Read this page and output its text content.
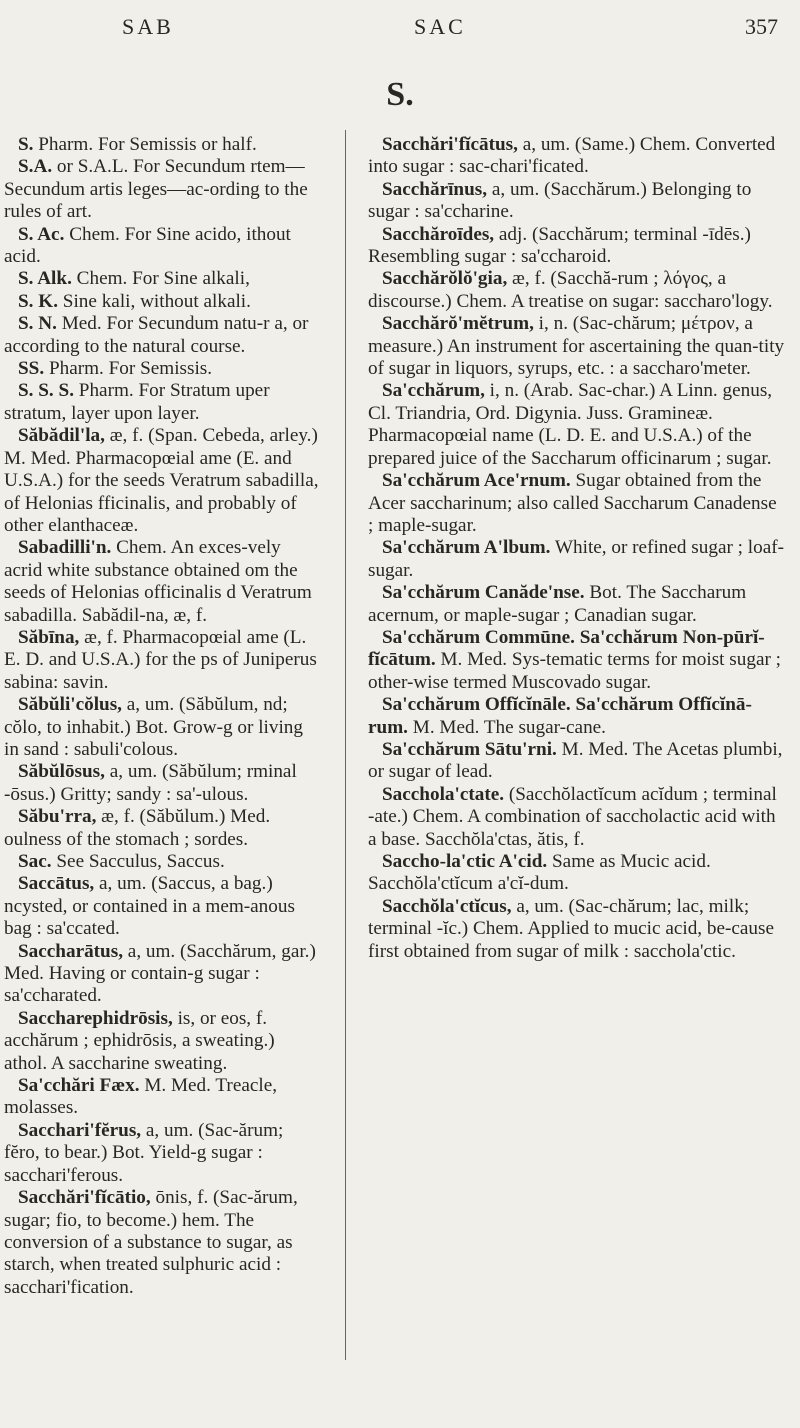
SAB	SAC	357
S.

S. Pharm. For Semissis or half.

S.A. or S.A.L. For Secundum rtem—Secundum artis leges—ac-ording to the rules of art.

S. Ac. Chem. For Sine acido, ithout acid.

S. Alk. Chem. For Sine alkali,

S. K. Sine kali, without alkali.

S. N. Med. For Secundum natu-r a, or according to the natural course.

SS. Pharm. For Semissis.

S. S. S. Pharm. For Stratum uper stratum, layer upon layer.

Săbădil'la, æ, f. (Span. Cebeda, arley.) M. Med. Pharmacopœial ame (E. and U.S.A.) for the seeds Veratrum sabadilla, of Helonias fficinalis, and probably of other elanthaceæ.

Sabadilli'n. Chem. An exces-vely acrid white substance obtained om the seeds of Helonias officinalis d Veratrum sabadilla. Sabădil-na, æ, f.

Săbīna, æ, f. Pharmacopœial ame (L. E. D. and U.S.A.) for the ps of Juniperus sabina: savin.

Săbŭli'cŏlus, a, um. (Săbŭlum, nd; cŏlo, to inhabit.) Bot. Grow-g or living in sand : sabuli'colous.

Săbŭlōsus, a, um. (Săbŭlum; rminal -ōsus.) Gritty; sandy : sa'-ulous.

Săbu'rra, æ, f. (Săbŭlum.) Med. oulness of the stomach ; sordes.

Sac. See Sacculus, Saccus.

Saccātus, a, um. (Saccus, a bag.) ncysted, or contained in a mem-anous bag : sa'ccated.

Saccharātus, a, um. (Sacchărum, gar.) Med. Having or contain-g sugar : sa'ccharated.

Saccharephidrōsis, is, or eos, f. acchărum ; ephidrōsis, a sweating.) athol. A saccharine sweating.

Sa'cchări Fæx. M. Med. Treacle, molasses.

Sacchari'fĕrus, a, um. (Sac-ărum; fĕro, to bear.) Bot. Yield-g sugar : sacchari'ferous.

Sacchări'fĭcātio, ōnis, f. (Sac-ărum, sugar; fio, to become.) hem. The conversion of a substance to sugar, as starch, when treated sulphuric acid : sacchari'fication.

Sacchări'fĭcātus, a, um. (Same.) Chem. Converted into sugar : sac-chari'ficated.

Sacchărīnus, a, um. (Sacchărum.) Belonging to sugar : sa'ccharine.

Sacchăroīdes, adj. (Sacchărum; terminal -īdēs.) Resembling sugar : sa'ccharoid.

Sacchărŏlŏ'gia, æ, f. (Sacchă-rum ; λόγος, a discourse.) Chem. A treatise on sugar: saccharo'logy.

Sacchărŏ'mĕtrum, i, n. (Sac-chărum; μέτρον, a measure.) An instrument for ascertaining the quan-tity of sugar in liquors, syrups, etc. : a saccharo'meter.

Sa'cchărum, i, n. (Arab. Sac-char.) A Linn. genus, Cl. Triandria, Ord. Digynia. Juss. Gramineæ. Pharmacopœial name (L. D. E. and U.S.A.) of the prepared juice of the Saccharum officinarum ; sugar.

Sa'cchărum Ace'rnum. Sugar obtained from the Acer saccharinum; also called Saccharum Canadense ; maple-sugar.

Sa'cchărum A'lbum. White, or refined sugar ; loaf-sugar.

Sa'cchărum Canăde'nse. Bot. The Saccharum acernum, or maple-sugar ; Canadian sugar.

Sa'cchărum Commūne. Sa'cchărum Non-pūrĭ-fĭcātum. M. Med. Sys-tematic terms for moist sugar ; other-wise termed Muscovado sugar.

Sa'cchărum Offĭcĭnāle. Sa'cchărum Offĭcĭnā-rum. M. Med. The sugar-cane.

Sa'cchărum Sātu'rni. M. Med. The Acetas plumbi, or sugar of lead.

Sacchola'ctate. (Sacchŏlactĭcum acĭdum ; terminal -ate.) Chem. A combination of saccholactic acid with a base. Sacchŏla'ctas, ătis, f.

Saccho-la'ctic A'cid. Same as Mucic acid. Sacchŏla'ctĭcum a'cĭ-dum.

Sacchŏla'ctĭcus, a, um. (Sac-chărum; lac, milk; terminal -ĭc.) Chem. Applied to mucic acid, be-cause first obtained from sugar of milk : sacchola'ctic.
